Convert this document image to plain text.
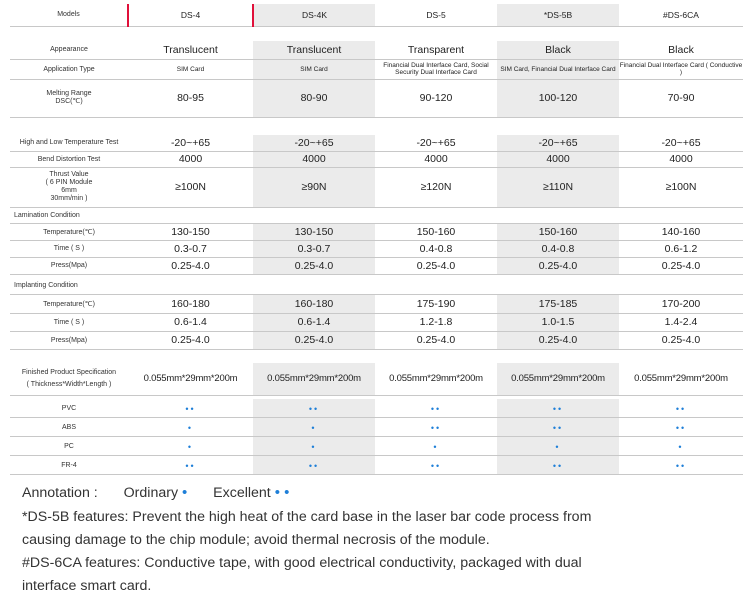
Models	DS-4	DS-4K	DS-5	*DS-5B	#DS-6CA

Appearance	Translucent	Translucent	Transparent	Black	Black
Application Type	SIM Card	SIM Card	Financial Dual Interface Card, Social Security Dual Interface Card	SIM Card, Financial Dual Interface Card	Financial Dual Interface Card ( Conductive )

Melting Range
DSC(℃)	80-95	80-90	90-120	100-120	70-90

High and Low Temperature Test	-20~+65	-20~+65	-20~+65	-20~+65	-20~+65
Bend Distortion Test	4000	4000	4000	4000	4000

Thrust Value
( 6 PIN Module
6mm
30mm/min )	≥100N	≥90N	≥120N	≥110N	≥100N
Lamination Condition					
Temperature(℃)	130-150	130-150	150-160	150-160	140-160
Time ( S )	0.3-0.7	0.3-0.7	0.4-0.8	0.4-0.8	0.6-1.2
Press(Mpa)	0.25-4.0	0.25-4.0	0.25-4.0	0.25-4.0	0.25-4.0

Implanting Condition					
Temperature(℃)	160-180	160-180	175-190	175-185	170-200
Time ( S )	0.6-1.4	0.6-1.4	1.2-1.8	1.0-1.5	1.4-2.4
Press(Mpa)	0.25-4.0	0.25-4.0	0.25-4.0	0.25-4.0	0.25-4.0

Finished Product Specification
( Thickness*Width*Length )	0.055mm*29mm*200m	0.055mm*29mm*200m	0.055mm*29mm*200m	0.055mm*29mm*200m	0.055mm*29mm*200m

PVC	••	••	••	••	••
ABS	•	•	••	••	••
PC	•	•	•	•	•
FR-4	••	••	••	••	••
Annotation : Ordinary • Excellent • •
*DS-5B features: Prevent the high heat of the card base in the laser bar code process from
causing damage to the chip module; avoid thermal necrosis of the module.
#DS-6CA features: Conductive tape, with good electrical conductivity, packaged with dual
interface smart card.
